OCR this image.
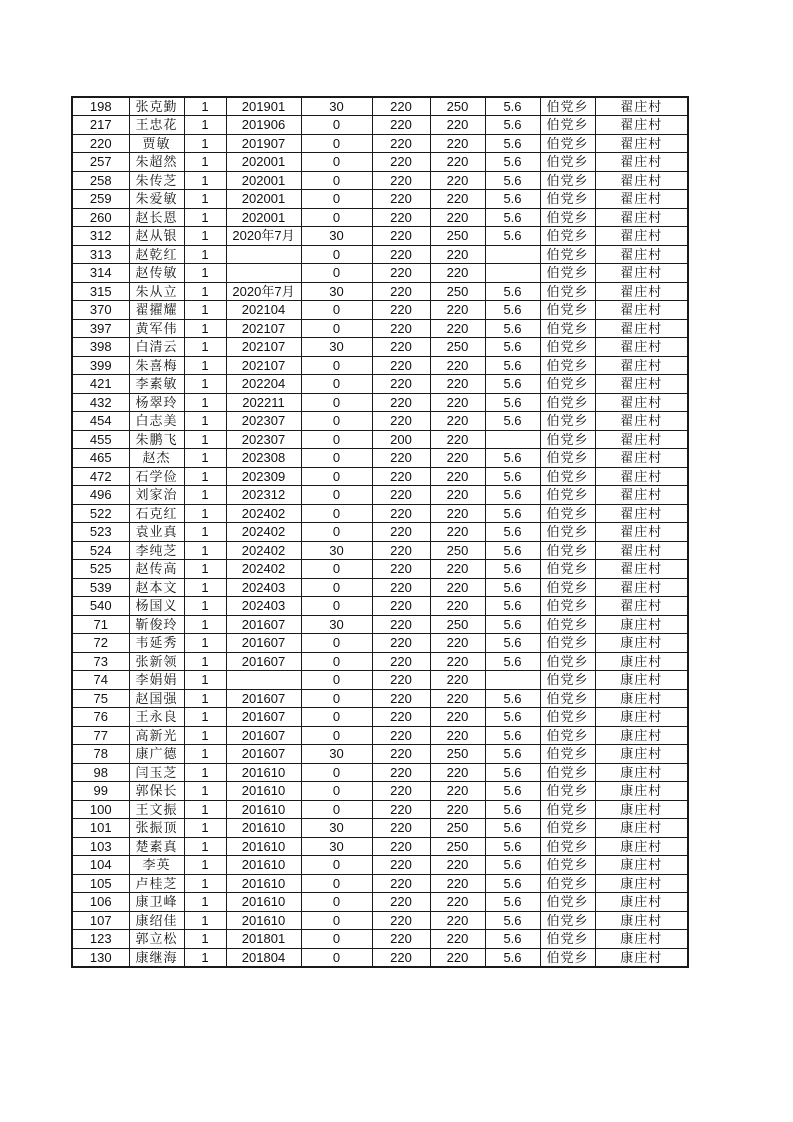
198	张克勤	1	201901	30	220	250	5.6	伯党乡	翟庄村
217	王忠花	1	201906	0	220	220	5.6	伯党乡	翟庄村
220	贾敏	1	201907	0	220	220	5.6	伯党乡	翟庄村
257	朱超然	1	202001	0	220	220	5.6	伯党乡	翟庄村
258	朱传芝	1	202001	0	220	220	5.6	伯党乡	翟庄村
259	朱爱敏	1	202001	0	220	220	5.6	伯党乡	翟庄村
260	赵长恩	1	202001	0	220	220	5.6	伯党乡	翟庄村
312	赵从银	1	2020年7月	30	220	250	5.6	伯党乡	翟庄村
313	赵乾红	1		0	220	220		伯党乡	翟庄村
314	赵传敏	1		0	220	220		伯党乡	翟庄村
315	朱从立	1	2020年7月	30	220	250	5.6	伯党乡	翟庄村
370	翟擢耀	1	202104	0	220	220	5.6	伯党乡	翟庄村
397	黄军伟	1	202107	0	220	220	5.6	伯党乡	翟庄村
398	白清云	1	202107	30	220	250	5.6	伯党乡	翟庄村
399	朱喜梅	1	202107	0	220	220	5.6	伯党乡	翟庄村
421	李素敏	1	202204	0	220	220	5.6	伯党乡	翟庄村
432	杨翠玲	1	202211	0	220	220	5.6	伯党乡	翟庄村
454	白志美	1	202307	0	220	220	5.6	伯党乡	翟庄村
455	朱鹏飞	1	202307	0	200	220		伯党乡	翟庄村
465	赵杰	1	202308	0	220	220	5.6	伯党乡	翟庄村
472	石学俭	1	202309	0	220	220	5.6	伯党乡	翟庄村
496	刘家治	1	202312	0	220	220	5.6	伯党乡	翟庄村
522	石克红	1	202402	0	220	220	5.6	伯党乡	翟庄村
523	袁业真	1	202402	0	220	220	5.6	伯党乡	翟庄村
524	李纯芝	1	202402	30	220	250	5.6	伯党乡	翟庄村
525	赵传高	1	202402	0	220	220	5.6	伯党乡	翟庄村
539	赵本文	1	202403	0	220	220	5.6	伯党乡	翟庄村
540	杨国义	1	202403	0	220	220	5.6	伯党乡	翟庄村
71	靳俊玲	1	201607	30	220	250	5.6	伯党乡	康庄村
72	韦延秀	1	201607	0	220	220	5.6	伯党乡	康庄村
73	张新领	1	201607	0	220	220	5.6	伯党乡	康庄村
74	李娟娟	1		0	220	220		伯党乡	康庄村
75	赵国强	1	201607	0	220	220	5.6	伯党乡	康庄村
76	王永良	1	201607	0	220	220	5.6	伯党乡	康庄村
77	高新光	1	201607	0	220	220	5.6	伯党乡	康庄村
78	康广德	1	201607	30	220	250	5.6	伯党乡	康庄村
98	闫玉芝	1	201610	0	220	220	5.6	伯党乡	康庄村
99	郭保长	1	201610	0	220	220	5.6	伯党乡	康庄村
100	王文振	1	201610	0	220	220	5.6	伯党乡	康庄村
101	张振顶	1	201610	30	220	250	5.6	伯党乡	康庄村
103	楚素真	1	201610	30	220	250	5.6	伯党乡	康庄村
104	李英	1	201610	0	220	220	5.6	伯党乡	康庄村
105	卢桂芝	1	201610	0	220	220	5.6	伯党乡	康庄村
106	康卫峰	1	201610	0	220	220	5.6	伯党乡	康庄村
107	康绍佳	1	201610	0	220	220	5.6	伯党乡	康庄村
123	郭立松	1	201801	0	220	220	5.6	伯党乡	康庄村
130	康继海	1	201804	0	220	220	5.6	伯党乡	康庄村
